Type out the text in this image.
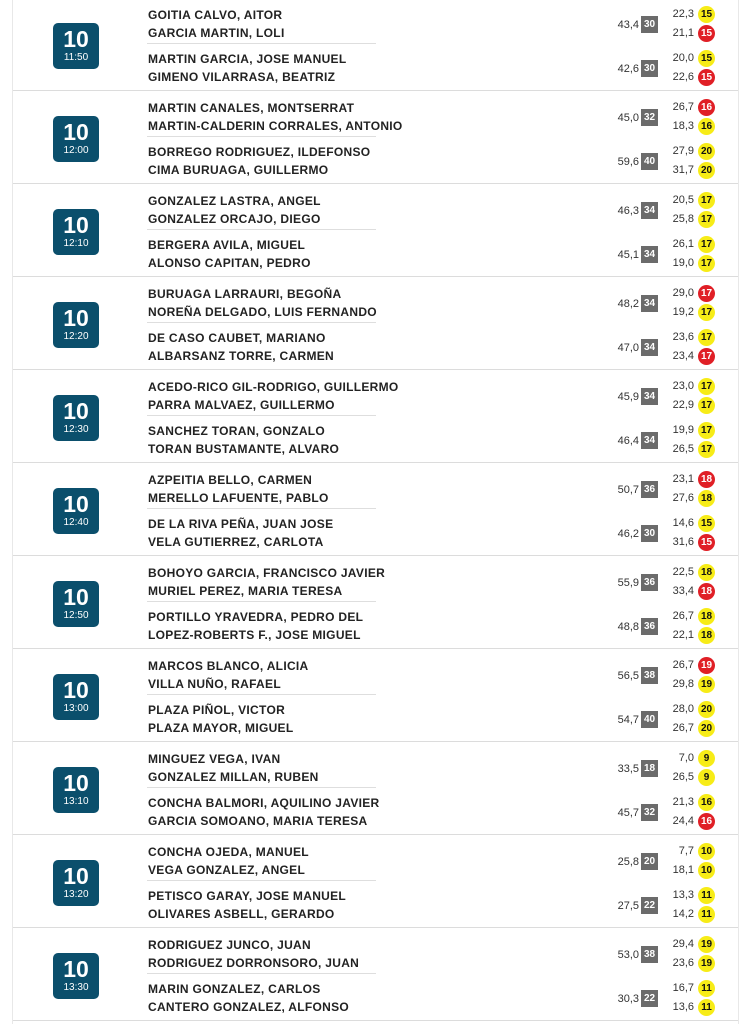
10
11:50
GOITIA CALVO, AITOR	22,3 15
GARCIA MARTIN, LOLI	21,1 15
43,4 30
MARTIN GARCIA, JOSE MANUEL	20,0 15
GIMENO VILARRASA, BEATRIZ	22,6 15
42,6 30
10
12:00
MARTIN CANALES, MONTSERRAT	26,7 16
MARTIN-CALDERIN CORRALES, ANTONIO	18,3 16
45,0 32
BORREGO RODRIGUEZ, ILDEFONSO	27,9 20
CIMA BURUAGA, GUILLERMO	31,7 20
59,6 40
10
12:10
GONZALEZ LASTRA, ANGEL	20,5 17
GONZALEZ ORCAJO, DIEGO	25,8 17
46,3 34
BERGERA AVILA, MIGUEL	26,1 17
ALONSO CAPITAN, PEDRO	19,0 17
45,1 34
10
12:20
BURUAGA LARRAURI, BEGOÑA	29,0 17
NOREÑA DELGADO, LUIS FERNANDO	19,2 17
48,2 34
DE CASO CAUBET, MARIANO	23,6 17
ALBARSANZ TORRE, CARMEN	23,4 17
47,0 34
10
12:30
ACEDO-RICO GIL-RODRIGO, GUILLERMO	23,0 17
PARRA MALVAEZ, GUILLERMO	22,9 17
45,9 34
SANCHEZ TORAN, GONZALO	19,9 17
TORAN BUSTAMANTE, ALVARO	26,5 17
46,4 34
10
12:40
AZPEITIA BELLO, CARMEN	23,1 18
MERELLO LAFUENTE, PABLO	27,6 18
50,7 36
DE LA RIVA PEÑA, JUAN JOSE	14,6 15
VELA GUTIERREZ, CARLOTA	31,6 15
46,2 30
10
12:50
BOHOYO GARCIA, FRANCISCO JAVIER	22,5 18
MURIEL PEREZ, MARIA TERESA	33,4 18
55,9 36
PORTILLO YRAVEDRA, PEDRO DEL	26,7 18
LOPEZ-ROBERTS F., JOSE MIGUEL	22,1 18
48,8 36
10
13:00
MARCOS BLANCO, ALICIA	26,7 19
VILLA NUÑO, RAFAEL	29,8 19
56,5 38
PLAZA PIÑOL, VICTOR	28,0 20
PLAZA MAYOR, MIGUEL	26,7 20
54,7 40
10
13:10
MINGUEZ VEGA, IVAN	7,0 9
GONZALEZ MILLAN, RUBEN	26,5 9
33,5 18
CONCHA BALMORI, AQUILINO JAVIER	21,3 16
GARCIA SOMOANO, MARIA TERESA	24,4 16
45,7 32
10
13:20
CONCHA OJEDA, MANUEL	7,7 10
VEGA GONZALEZ, ANGEL	18,1 10
25,8 20
PETISCO GARAY, JOSE MANUEL	13,3 11
OLIVARES ASBELL, GERARDO	14,2 11
27,5 22
10
13:30
RODRIGUEZ JUNCO, JUAN	29,4 19
RODRIGUEZ DORRONSORO, JUAN	23,6 19
53,0 38
MARIN GONZALEZ, CARLOS	16,7 11
CANTERO GONZALEZ, ALFONSO	13,6 11
30,3 22
